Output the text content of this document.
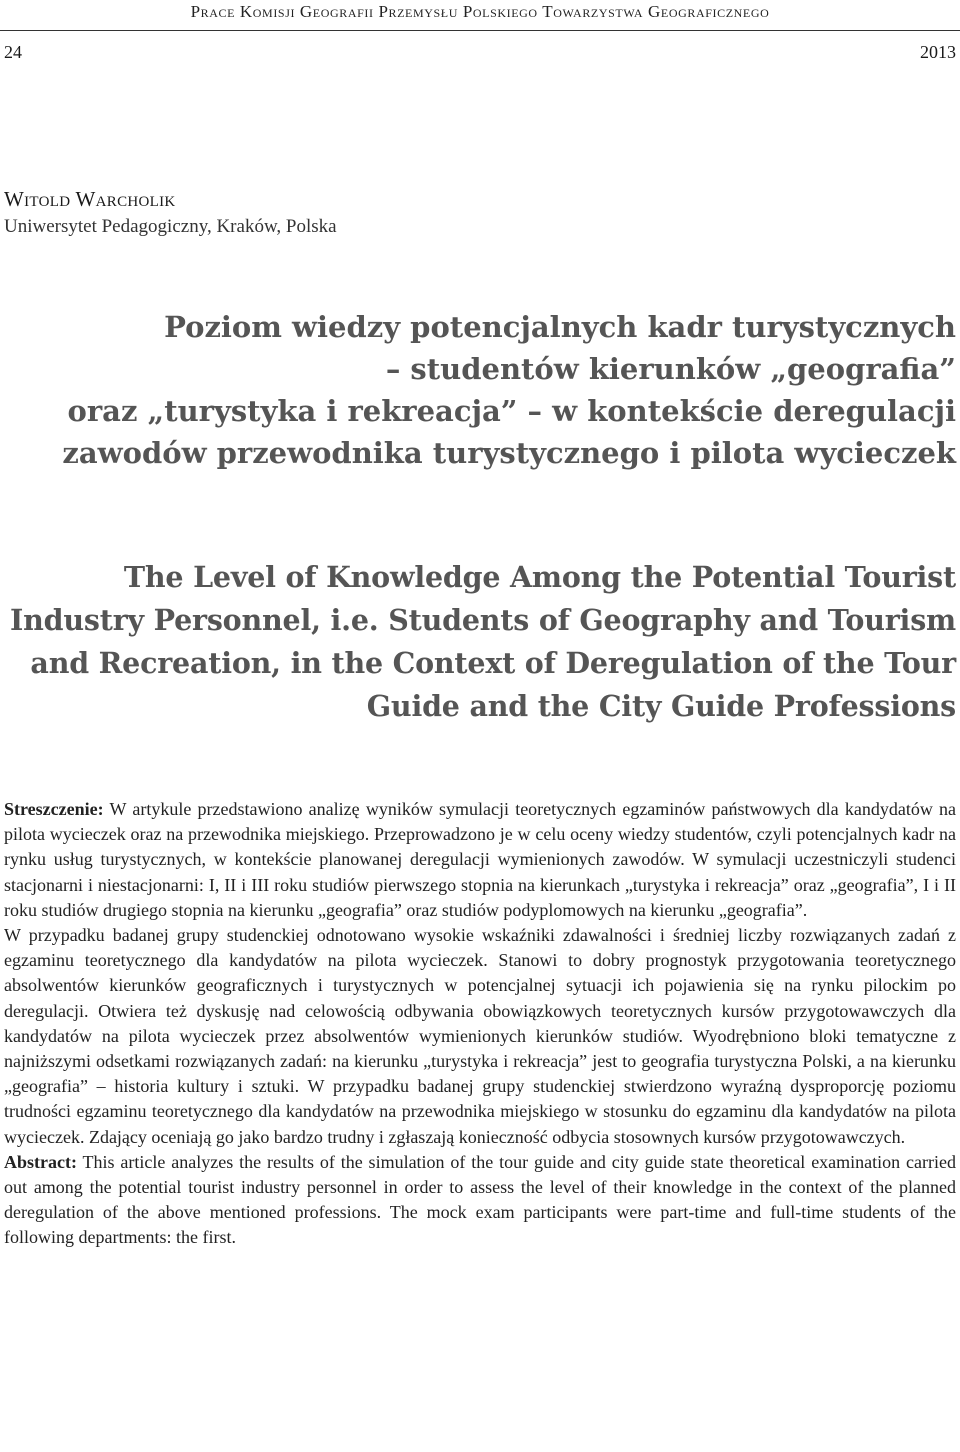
Prace Komisji Geografii Przemysłu Polskiego Towarzystwa Geograficznego
24	2013
Witold Warcholik
Uniwersytet Pedagogiczny, Kraków, Polska
Poziom wiedzy potencjalnych kadr turystycznych
– studentów kierunków „geografia”
oraz „turystyka i rekreacja” – w kontekście deregulacji
zawodów przewodnika turystycznego i pilota wycieczek
The Level of Knowledge Among the Potential Tourist
Industry Personnel, i.e. Students of Geography and Tourism
and Recreation, in the Context of Deregulation of the Tour
Guide and the City Guide Professions

Streszczenie: W artykule przedstawiono analizę wyników symulacji teoretycznych egzaminów państwowych dla kandydatów na pilota wycieczek oraz na przewodnika miejskiego. Przeprowadzono je w celu oceny wiedzy studentów, czyli potencjalnych kadr na rynku usług turystycznych, w kontekście planowanej deregulacji wymienionych zawodów. W symulacji uczestniczyli studenci stacjonarni i niestacjonarni: I, II i III roku studiów pierwszego stopnia na kierunkach „turystyka i rekreacja” oraz „geografia”, I i II roku studiów drugiego stopnia na kierunku „geografia” oraz studiów podyplomowych na kierunku „geografia”.

W przypadku badanej grupy studenckiej odnotowano wysokie wskaźniki zdawalności i średniej liczby rozwiązanych zadań z egzaminu teoretycznego dla kandydatów na pilota wycieczek. Stanowi to dobry prognostyk przygotowania teoretycznego absolwentów kierunków geograficznych i turystycznych w potencjalnej sytuacji ich pojawienia się na rynku pilockim po deregulacji. Otwiera też dyskusję nad celowością odbywania obowiązkowych teoretycznych kursów przygotowawczych dla kandydatów na pilota wycieczek przez absolwentów wymienionych kierunków studiów. Wyodrębniono bloki tematyczne z najniższymi odsetkami rozwiązanych zadań: na kierunku „turystyka i rekreacja” jest to geografia turystyczna Polski, a na kierunku „geografia” – historia kultury i sztuki. W przypadku badanej grupy studenckiej stwierdzono wyraźną dysproporcję poziomu trudności egzaminu teoretycznego dla kandydatów na przewodnika miejskiego w stosunku do egzaminu dla kandydatów na pilota wycieczek. Zdający oceniają go jako bardzo trudny i zgłaszają konieczność odbycia stosownych kursów przygotowawczych.

Abstract: This article analyzes the results of the simulation of the tour guide and city guide state theoretical examination carried out among the potential tourist industry personnel in order to assess the level of their knowledge in the context of the planned deregulation of the above mentioned professions. The mock exam participants were part-time and full-time students of the following departments: the first.
